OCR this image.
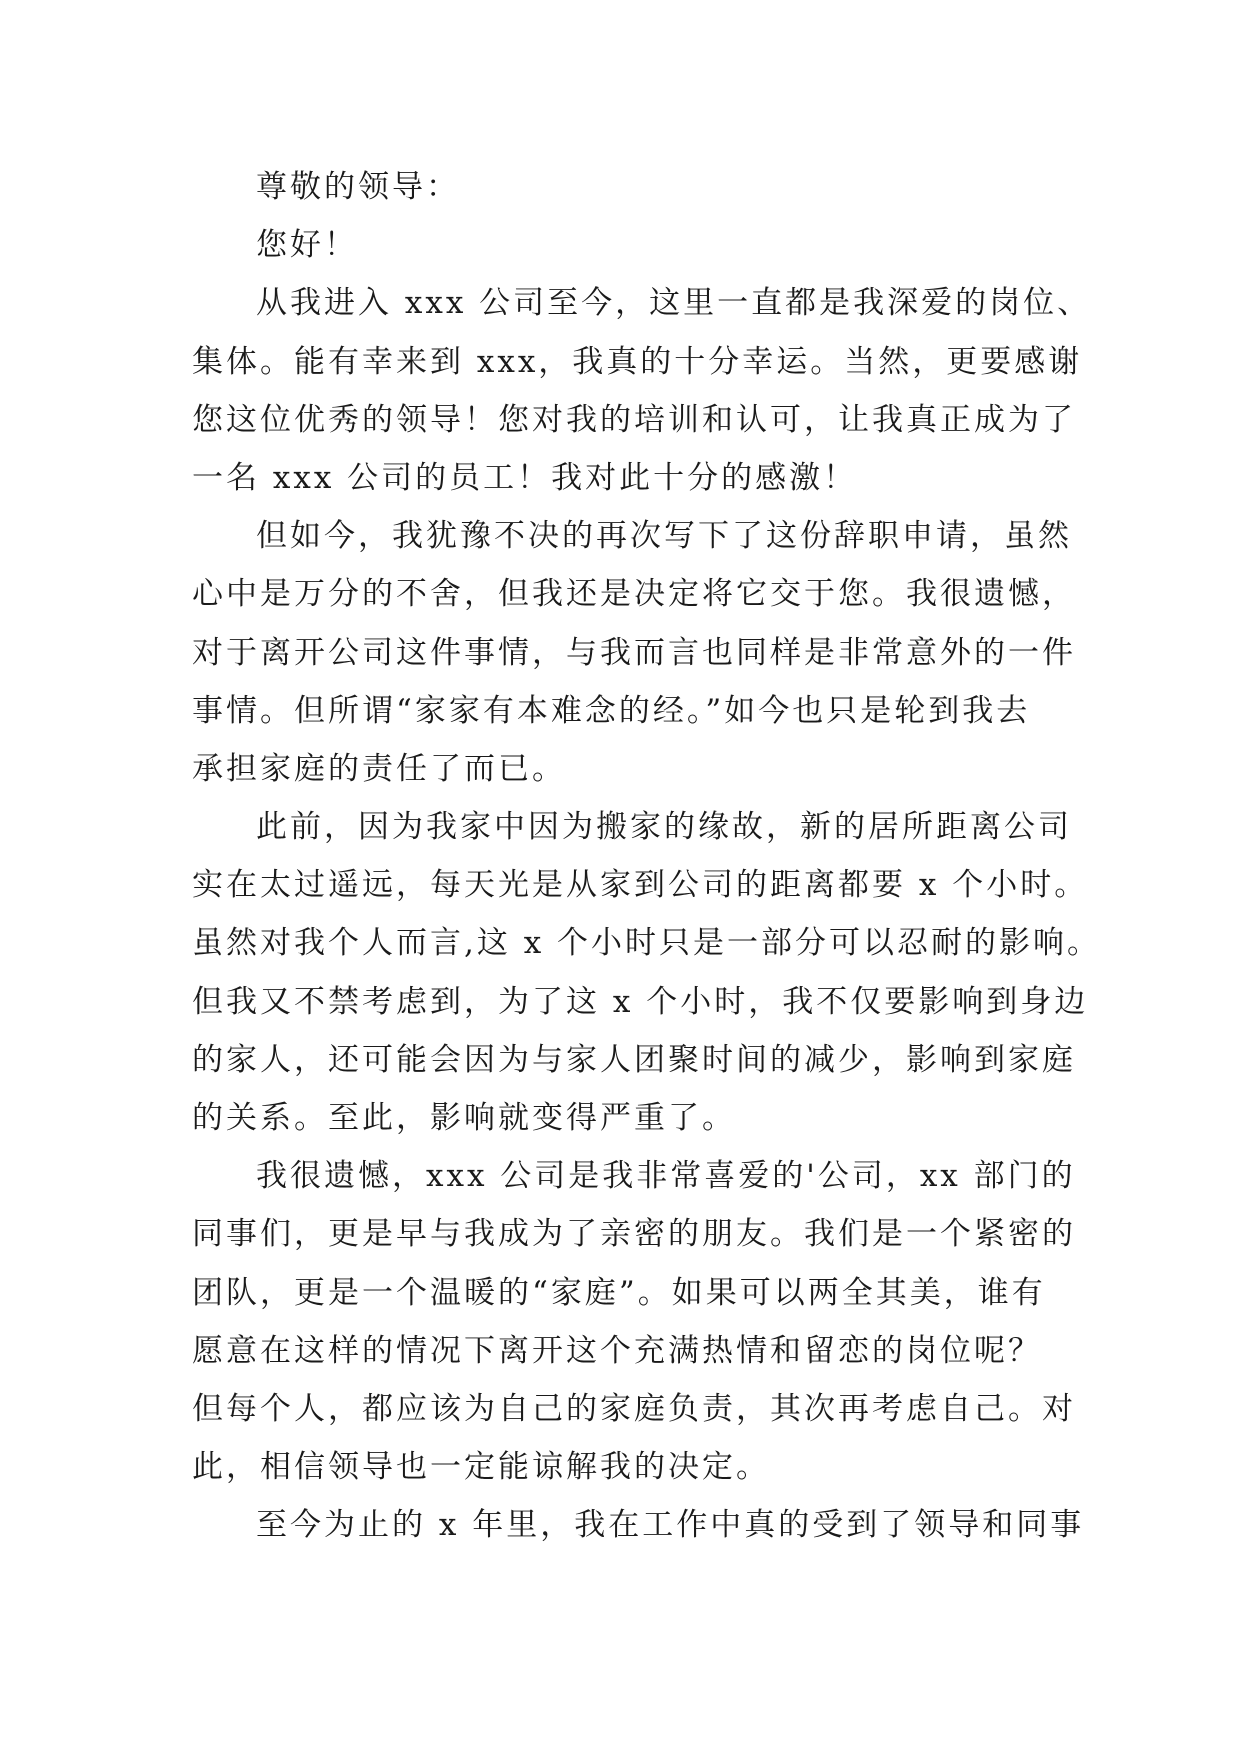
尊敬的领导：
您好！
从我进入 xxx 公司至今，这里一直都是我深爱的岗位、
集体。能有幸来到 xxx，我真的十分幸运。当然，更要感谢
您这位优秀的领导！您对我的培训和认可，让我真正成为了
一名 xxx 公司的员工！我对此十分的感激！
但如今，我犹豫不决的再次写下了这份辞职申请，虽然
心中是万分的不舍，但我还是决定将它交于您。我很遗憾，
对于离开公司这件事情，与我而言也同样是非常意外的一件
事情。但所谓“家家有本难念的经。”如今也只是轮到我去
承担家庭的责任了而已。
此前，因为我家中因为搬家的缘故，新的居所距离公司
实在太过遥远，每天光是从家到公司的距离都要 x 个小时。
虽然对我个人而言,这 x 个小时只是一部分可以忍耐的影响。
但我又不禁考虑到，为了这 x 个小时，我不仅要影响到身边
的家人，还可能会因为与家人团聚时间的减少，影响到家庭
的关系。至此，影响就变得严重了。
我很遗憾，xxx 公司是我非常喜爱的'公司，xx 部门的
同事们，更是早与我成为了亲密的朋友。我们是一个紧密的
团队，更是一个温暖的“家庭”。如果可以两全其美，谁有
愿意在这样的情况下离开这个充满热情和留恋的岗位呢？
但每个人，都应该为自己的家庭负责，其次再考虑自己。对
此，相信领导也一定能谅解我的决定。
至今为止的 x 年里，我在工作中真的受到了领导和同事
